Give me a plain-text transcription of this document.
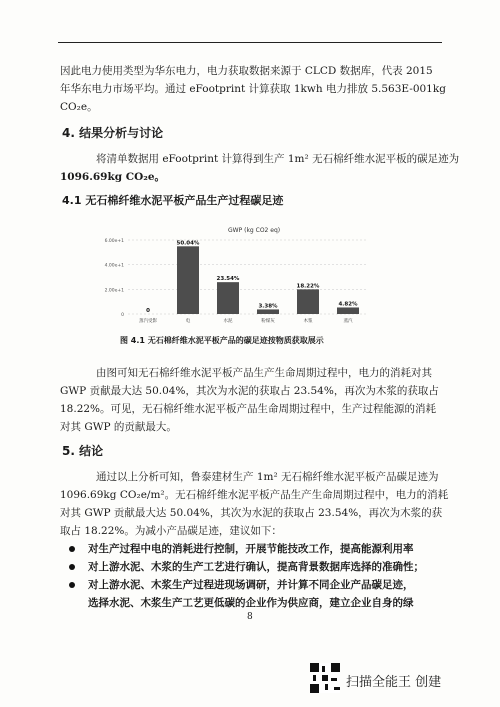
因此电力使用类型为华东电力，电力获取数据来源于 CLCD 数据库，代表 2015
年华东电力市场平均。通过 eFootprint 计算获取 1kwh 电力排放 5.563E-001kg
CO₂e。
4. 结果分析与讨论
将清单数据用 eFootprint 计算得到生产 1m² 无石棉纤维水泥平板的碳足迹为
1096.69kg CO₂e。
4.1 无石棉纤维水泥平板产品生产过程碳足迹
GWP (kg CO2 eq)
6.00e+1
4.00e+1
2.00e+1
0
0
50.04%
23.54%
3.38%
18.22%
4.82%
蒸汽受影	电	水泥	粉煤灰	木浆	蒸汽
图 4.1 无石棉纤维水泥平板产品的碳足迹按物质获取展示
由图可知无石棉纤维水泥平板产品生产生命周期过程中，电力的消耗对其
GWP 贡献最大达 50.04%，其次为水泥的获取占 23.54%，再次为木浆的获取占
18.22%。可见，无石棉纤维水泥平板产品生命周期过程中，生产过程能源的消耗
对其 GWP 的贡献最大。
5. 结论
通过以上分析可知，鲁泰建材生产 1m² 无石棉纤维水泥平板产品碳足迹为
1096.69kg CO₂e/m²。无石棉纤维水泥平板产品生产生命周期过程中，电力的消耗
对其 GWP 贡献最大达 50.04%，其次为水泥的获取占 23.54%，再次为木浆的获
取占 18.22%。为减小产品碳足迹，建议如下：
对生产过程中电的消耗进行控制，开展节能技改工作，提高能源利用率
对上游水泥、木浆的生产工艺进行确认，提高背景数据库选择的准确性；
对上游水泥、木浆生产过程进现场调研，并计算不同企业产品碳足迹，
选择水泥、木浆生产工艺更低碳的企业作为供应商，建立企业自身的绿
8
扫描全能王 创建
